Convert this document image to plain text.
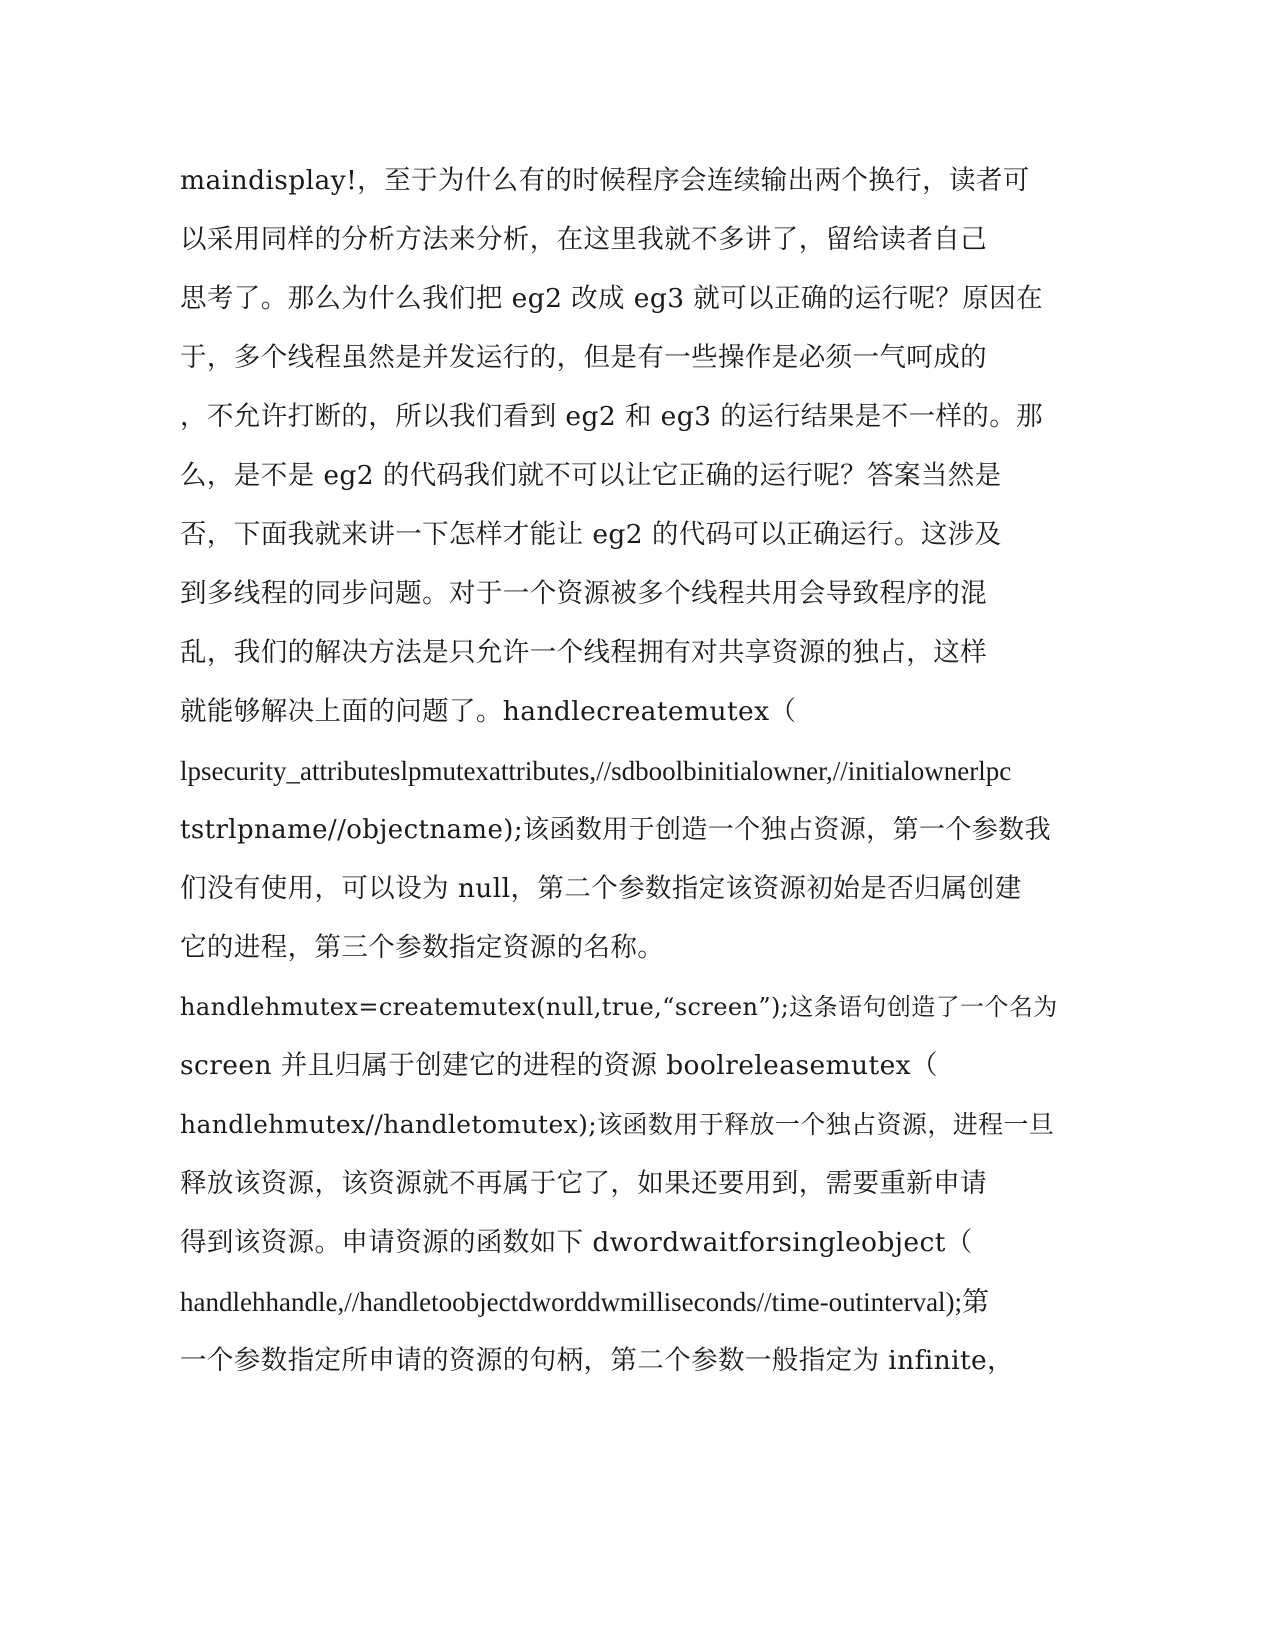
maindisplay!，至于为什么有的时候程序会连续输出两个换行，读者可
以采用同样的分析方法来分析，在这里我就不多讲了，留给读者自己
思考了。那么为什么我们把 eg2 改成 eg3 就可以正确的运行呢？原因在
于，多个线程虽然是并发运行的，但是有一些操作是必须一气呵成的
，不允许打断的，所以我们看到 eg2 和 eg3 的运行结果是不一样的。那
么，是不是 eg2 的代码我们就不可以让它正确的运行呢？答案当然是
否，下面我就来讲一下怎样才能让 eg2 的代码可以正确运行。这涉及
到多线程的同步问题。对于一个资源被多个线程共用会导致程序的混
乱，我们的解决方法是只允许一个线程拥有对共享资源的独占，这样
就能够解决上面的问题了。handlecreatemutex（
lpsecurity_attributeslpmutexattributes,//sdboolbinitialowner,//initialownerlpc
tstrlpname//objectname);该函数用于创造一个独占资源，第一个参数我
们没有使用，可以设为 null，第二个参数指定该资源初始是否归属创建
它的进程，第三个参数指定资源的名称。
handlehmutex=createmutex(null,true,“screen”);这条语句创造了一个名为
screen 并且归属于创建它的进程的资源 boolreleasemutex（
handlehmutex//handletomutex);该函数用于释放一个独占资源，进程一旦
释放该资源，该资源就不再属于它了，如果还要用到，需要重新申请
得到该资源。申请资源的函数如下 dwordwaitforsingleobject（
handlehhandle,//handletoobjectdworddwmilliseconds//time-outinterval);第
一个参数指定所申请的资源的句柄，第二个参数一般指定为 infinite，
